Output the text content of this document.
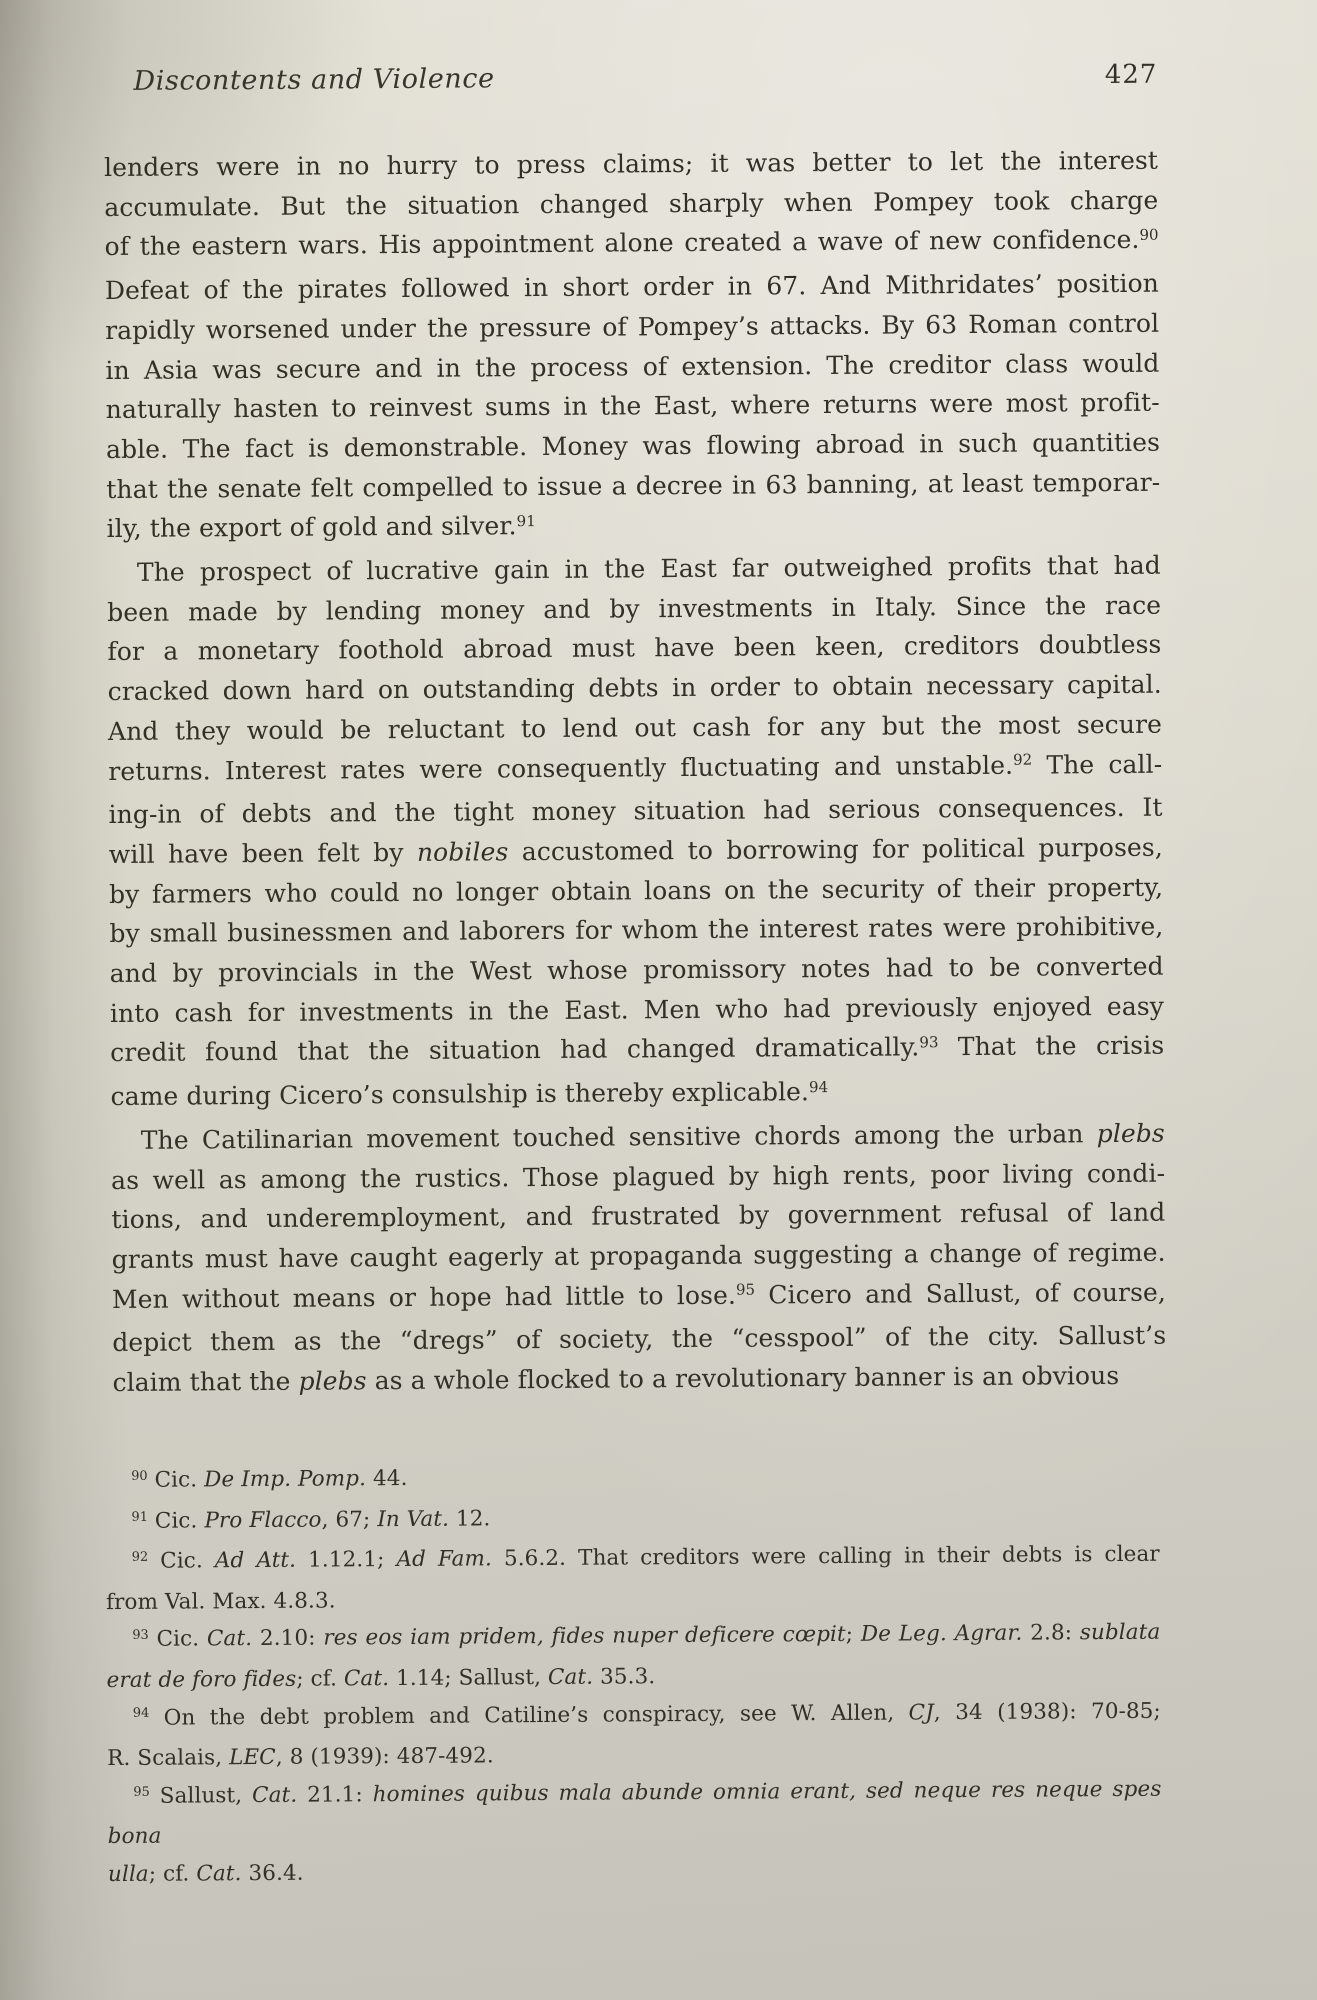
Discontents and Violence	427
lenders were in no hurry to press claims; it was better to let the interest
accumulate. But the situation changed sharply when Pompey took charge
of the eastern wars. His appointment alone created a wave of new confidence.$^{90}$
Defeat of the pirates followed in short order in 67. And Mithridates’ position
rapidly worsened under the pressure of Pompey’s attacks. By 63 Roman control
in Asia was secure and in the process of extension. The creditor class would
naturally hasten to reinvest sums in the East, where returns were most profit-
able. The fact is demonstrable. Money was flowing abroad in such quantities
that the senate felt compelled to issue a decree in 63 banning, at least temporar-
ily, the export of gold and silver.$^{91}$
The prospect of lucrative gain in the East far outweighed profits that had
been made by lending money and by investments in Italy. Since the race
for a monetary foothold abroad must have been keen, creditors doubtless
cracked down hard on outstanding debts in order to obtain necessary capital.
And they would be reluctant to lend out cash for any but the most secure
returns. Interest rates were consequently fluctuating and unstable.$^{92}$ The call-
ing-in of debts and the tight money situation had serious consequences. It
will have been felt by nobiles accustomed to borrowing for political purposes,
by farmers who could no longer obtain loans on the security of their property,
by small businessmen and laborers for whom the interest rates were prohibitive,
and by provincials in the West whose promissory notes had to be converted
into cash for investments in the East. Men who had previously enjoyed easy
credit found that the situation had changed dramatically.$^{93}$ That the crisis
came during Cicero’s consulship is thereby explicable.$^{94}$
The Catilinarian movement touched sensitive chords among the urban plebs
as well as among the rustics. Those plagued by high rents, poor living condi-
tions, and underemployment, and frustrated by government refusal of land
grants must have caught eagerly at propaganda suggesting a change of regime.
Men without means or hope had little to lose.$^{95}$ Cicero and Sallust, of course,
depict them as the “dregs” of society, the “cesspool” of the city. Sallust’s
claim that the plebs as a whole flocked to a revolutionary banner is an obvious
$^{90}$ Cic. De Imp. Pomp. 44.
$^{91}$ Cic. Pro Flacco, 67; In Vat. 12.
$^{92}$ Cic. Ad Att. 1.12.1; Ad Fam. 5.6.2. That creditors were calling in their debts is clear
from Val. Max. 4.8.3.
$^{93}$ Cic. Cat. 2.10: res eos iam pridem, fides nuper deficere cœpit; De Leg. Agrar. 2.8: sublata
erat de foro fides; cf. Cat. 1.14; Sallust, Cat. 35.3.
$^{94}$ On the debt problem and Catiline’s conspiracy, see W. Allen, CJ, 34 (1938): 70-85;
R. Scalais, LEC, 8 (1939): 487-492.
$^{95}$ Sallust, Cat. 21.1: homines quibus mala abunde omnia erant, sed neque res neque spes bona
ulla; cf. Cat. 36.4.
